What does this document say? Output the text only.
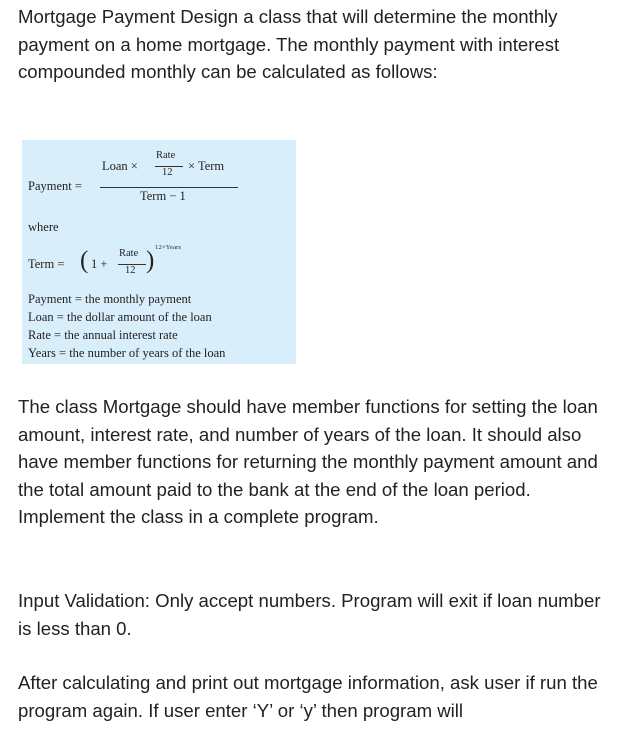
Mortgage Payment Design a class that will determine the monthly payment on a home mortgage. The monthly payment with interest compounded monthly can be calculated as follows:

Payment =
Loan ×
Rate
12 × Term
Term − 1
where
Term = ( 1 +
Rate
12 ) 12×Years
Payment = the monthly payment
Loan = the dollar amount of the loan
Rate = the annual interest rate
Years = the number of years of the loan

The class Mortgage should have member functions for setting the loan amount, interest rate, and number of years of the loan. It should also have member functions for returning the monthly payment amount and the total amount paid to the bank at the end of the loan period. Implement the class in a complete program.

Input Validation: Only accept numbers. Program will exit if loan number is less than 0.

After calculating and print out mortgage information, ask user if run the program again. If user enter ‘Y’ or ‘y’ then program will
